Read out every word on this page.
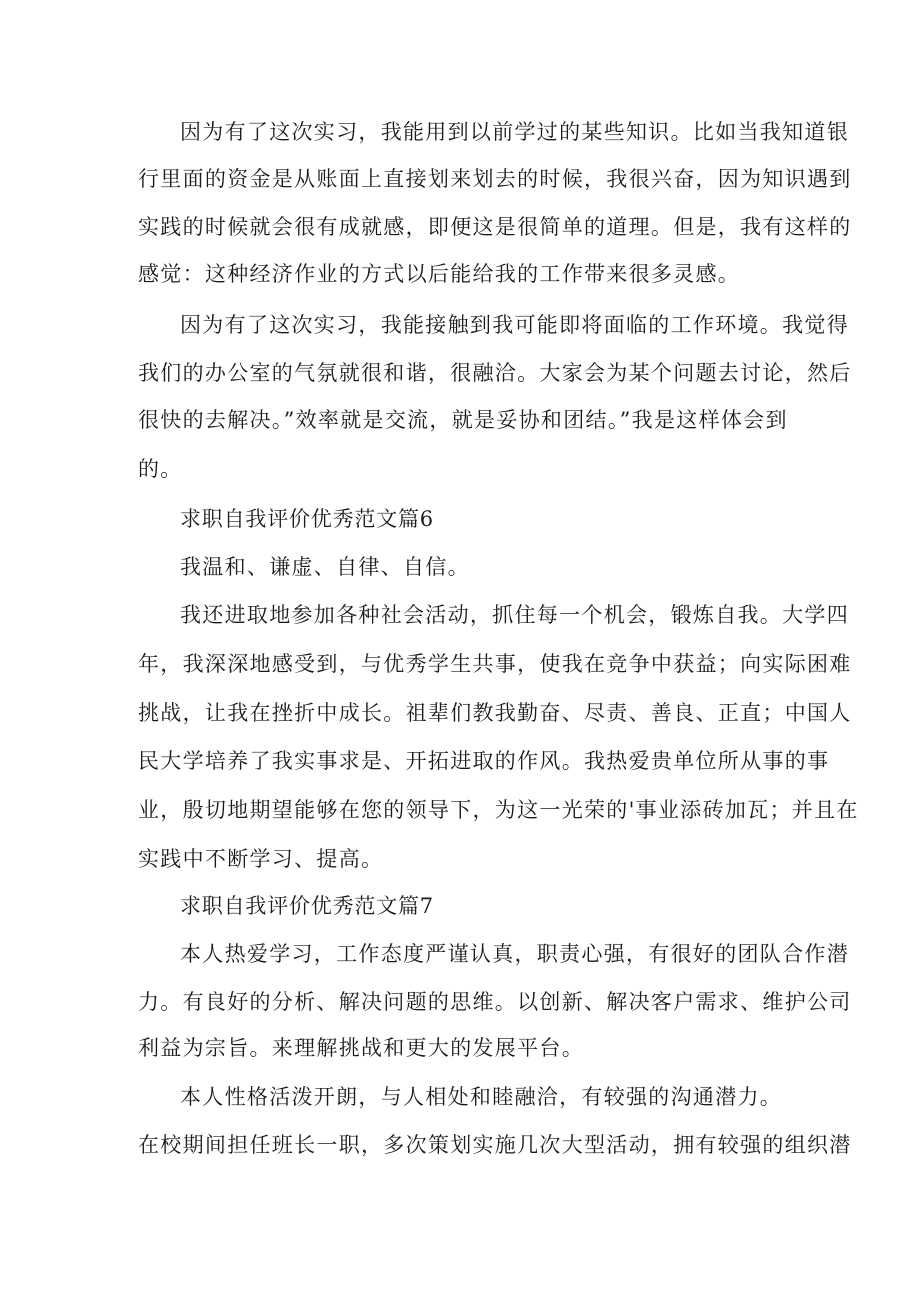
因为有了这次实习，我能用到以前学过的某些知识。比如当我知道银
行里面的资金是从账面上直接划来划去的时候，我很兴奋，因为知识遇到
实践的时候就会很有成就感，即便这是很简单的道理。但是，我有这样的
感觉：这种经济作业的方式以后能给我的工作带来很多灵感。
因为有了这次实习，我能接触到我可能即将面临的工作环境。我觉得
我们的办公室的气氛就很和谐，很融洽。大家会为某个问题去讨论，然后
很快的去解决。”效率就是交流，就是妥协和团结。”我是这样体会到
的。
求职自我评价优秀范文篇6
我温和、谦虚、自律、自信。
我还进取地参加各种社会活动，抓住每一个机会，锻炼自我。大学四
年，我深深地感受到，与优秀学生共事，使我在竞争中获益；向实际困难
挑战，让我在挫折中成长。祖辈们教我勤奋、尽责、善良、正直；中国人
民大学培养了我实事求是、开拓进取的作风。我热爱贵单位所从事的事
业，殷切地期望能够在您的领导下，为这一光荣的'事业添砖加瓦；并且在
实践中不断学习、提高。
求职自我评价优秀范文篇7
本人热爱学习，工作态度严谨认真，职责心强，有很好的团队合作潜
力。有良好的分析、解决问题的思维。以创新、解决客户需求、维护公司
利益为宗旨。来理解挑战和更大的发展平台。
本人性格活泼开朗，与人相处和睦融洽，有较强的沟通潜力。
在校期间担任班长一职，多次策划实施几次大型活动，拥有较强的组织潜
